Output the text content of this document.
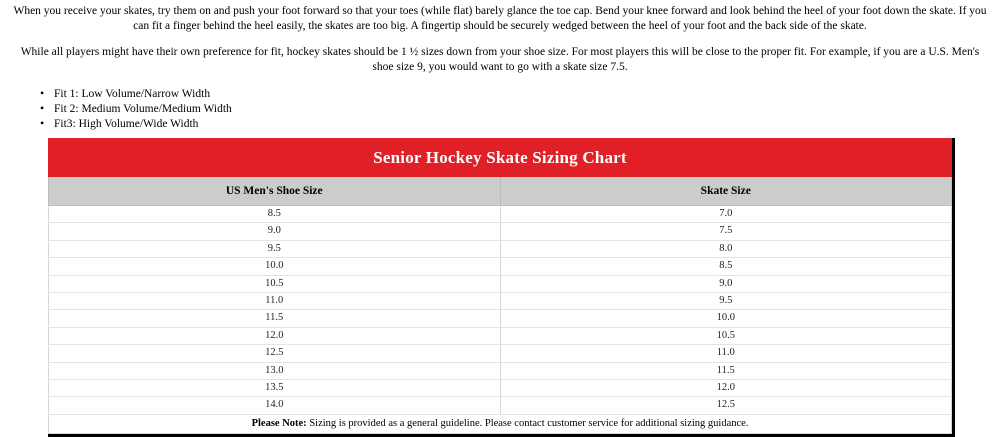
When you receive your skates, try them on and push your foot forward so that your toes (while flat) barely glance the toe cap. Bend your knee forward and look behind the heel of your foot down the skate. If you can fit a finger behind the heel easily, the skates are too big. A fingertip should be securely wedged between the heel of your foot and the back side of the skate.

While all players might have their own preference for fit, hockey skates should be 1 ½ sizes down from your shoe size. For most players this will be close to the proper fit. For example, if you are a U.S. Men's shoe size 9, you would want to go with a skate size 7.5.

• Fit 1: Low Volume/Narrow Width
• Fit 2: Medium Volume/Medium Width
• Fit3: High Volume/Wide Width
Senior Hockey Skate Sizing Chart	
US Men's Shoe Size	Skate Size
8.5	7.0
9.0	7.5
9.5	8.0
10.0	8.5
10.5	9.0
11.0	9.5
11.5	10.0
12.0	10.5
12.5	11.0
13.0	11.5
13.5	12.0
14.0	12.5
Please Note: Sizing is provided as a general guideline. Please contact customer service for additional sizing guidance.	
